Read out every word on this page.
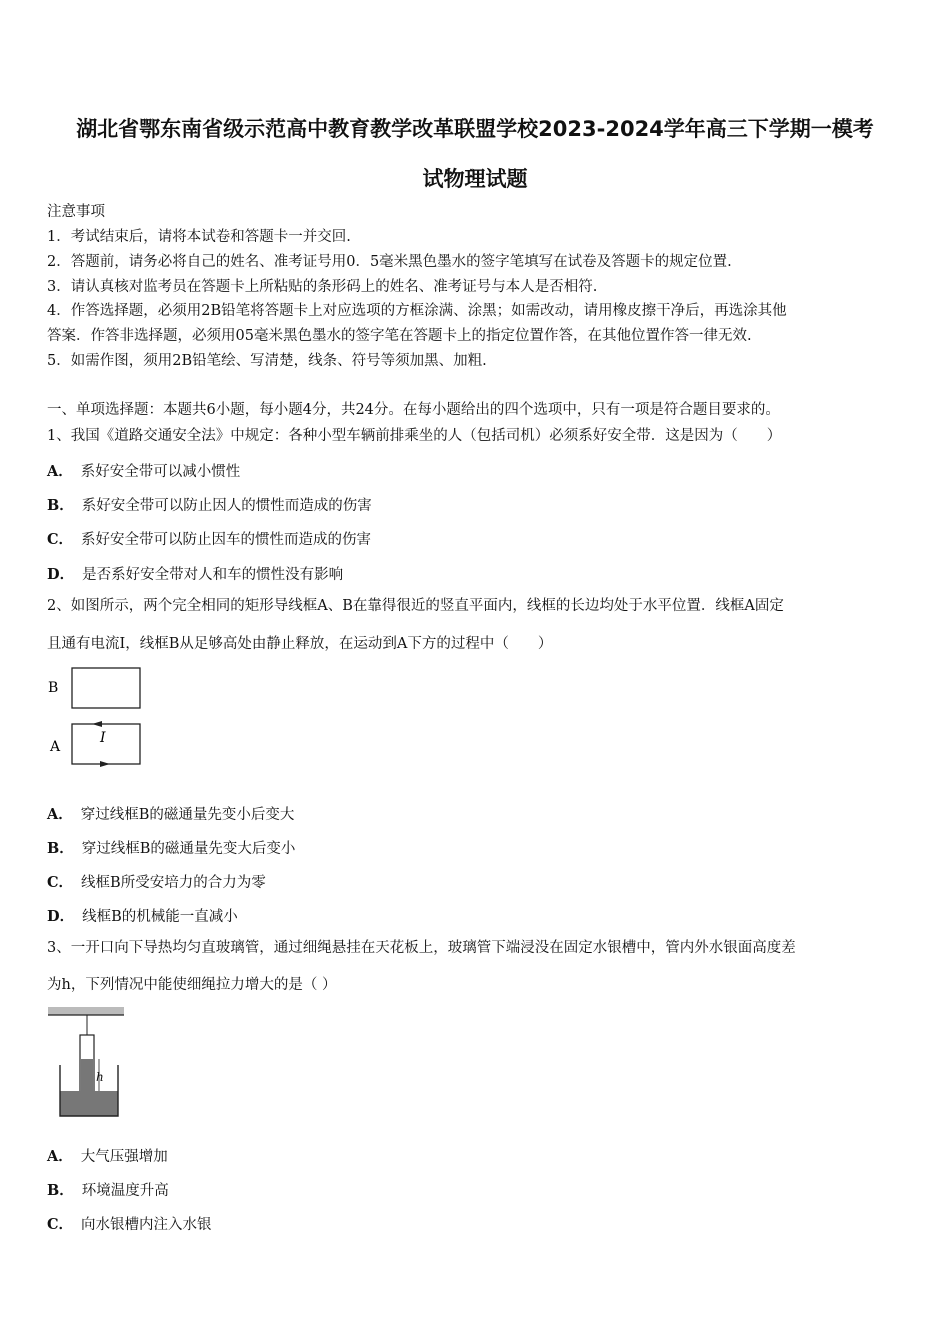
湖北省鄂东南省级示范高中教育教学改革联盟学校2023-2024学年高三下学期一模考
试物理试题
注意事项
1．考试结束后，请将本试卷和答题卡一并交回.
2．答题前，请务必将自己的姓名、准考证号用0．5毫米黑色墨水的签字笔填写在试卷及答题卡的规定位置.
3．请认真核对监考员在答题卡上所粘贴的条形码上的姓名、准考证号与本人是否相符.
4．作答选择题，必须用2B铅笔将答题卡上对应选项的方框涂满、涂黑；如需改动，请用橡皮擦干净后，再选涂其他
答案．作答非选择题，必须用05毫米黑色墨水的签字笔在答题卡上的指定位置作答，在其他位置作答一律无效.
5．如需作图，须用2B铅笔绘、写清楚，线条、符号等须加黑、加粗.
一、单项选择题：本题共6小题，每小题4分，共24分。在每小题给出的四个选项中，只有一项是符合题目要求的。
1、我国《道路交通安全法》中规定：各种小型车辆前排乘坐的人（包括司机）必须系好安全带．这是因为（　　）
A． 系好安全带可以减小惯性
B． 系好安全带可以防止因人的惯性而造成的伤害
C． 系好安全带可以防止因车的惯性而造成的伤害
D． 是否系好安全带对人和车的惯性没有影响
2、如图所示，两个完全相同的矩形导线框A、B在靠得很近的竖直平面内，线框的长边均处于水平位置．线框A固定
且通有电流I，线框B从足够高处由静止释放，在运动到A下方的过程中（　　）
B
A
I
A． 穿过线框B的磁通量先变小后变大
B． 穿过线框B的磁通量先变大后变小
C． 线框B所受安培力的合力为零
D． 线框B的机械能一直减小
3、一开口向下导热均匀直玻璃管，通过细绳悬挂在天花板上，玻璃管下端浸没在固定水银槽中，管内外水银面高度差
为h，下列情况中能使细绳拉力增大的是（ ）
h
A． 大气压强增加
B． 环境温度升高
C． 向水银槽内注入水银
